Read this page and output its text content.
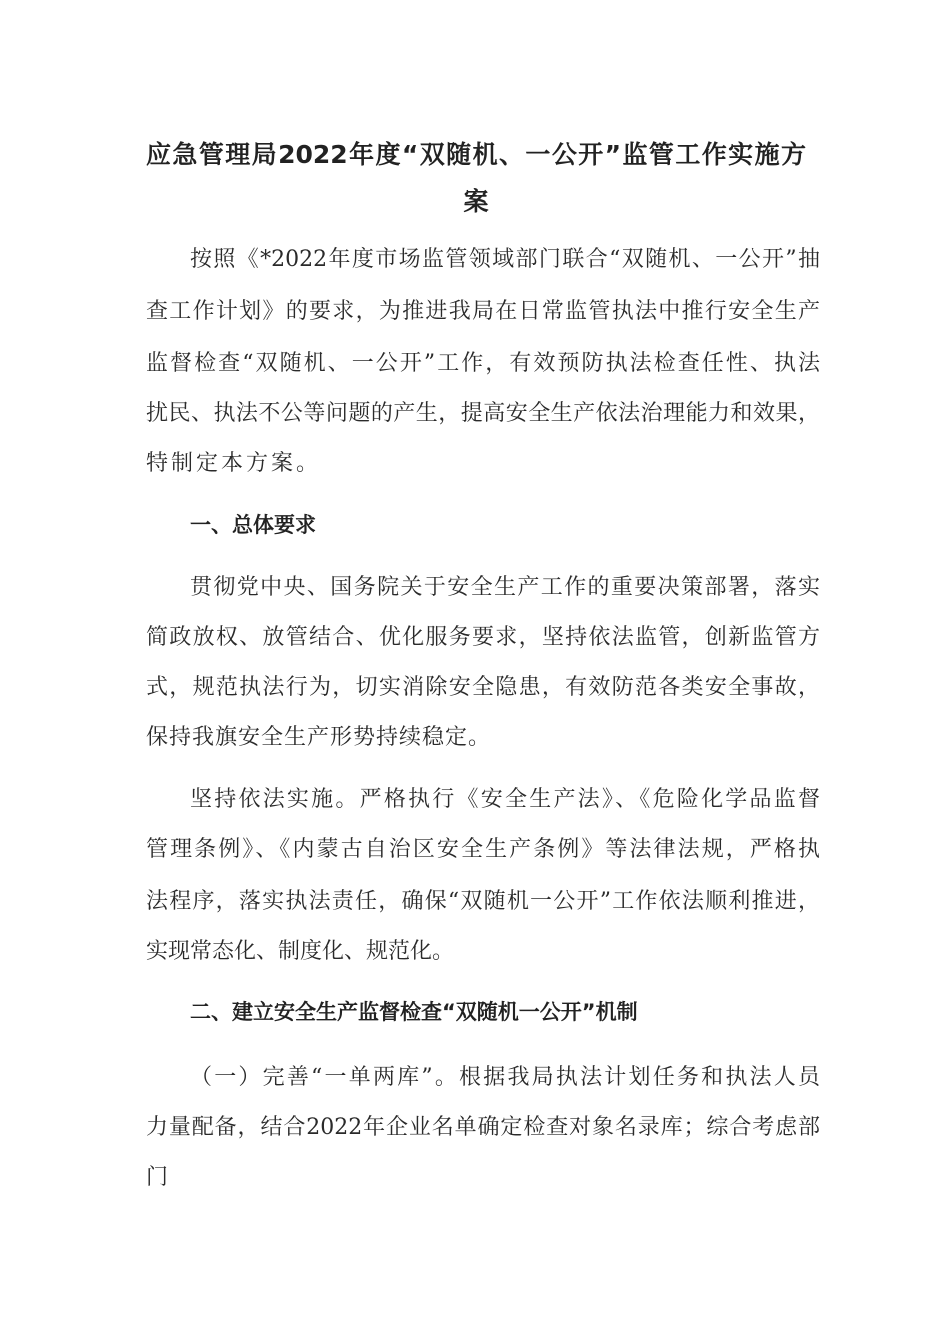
应急管理局2022年度“双随机、一公开”监管工作实施方
案
按照《*2022年度市场监管领域部门联合“双随机、一公开”抽
查工作计划》的要求，为推进我局在日常监管执法中推行安全生产
监督检查“双随机、一公开”工作，有效预防执法检查任性、执法
扰民、执法不公等问题的产生，提高安全生产依法治理能力和效果，
特制定本方案。
一、总体要求
贯彻党中央、国务院关于安全生产工作的重要决策部署，落实
简政放权、放管结合、优化服务要求，坚持依法监管，创新监管方
式，规范执法行为，切实消除安全隐患，有效防范各类安全事故，
保持我旗安全生产形势持续稳定。
坚持依法实施。严格执行《安全生产法》、《危险化学品监督
管理条例》、《内蒙古自治区安全生产条例》等法律法规，严格执
法程序，落实执法责任，确保“双随机一公开”工作依法顺利推进，
实现常态化、制度化、规范化。
二、建立安全生产监督检查“双随机一公开”机制
（一）完善“一单两库”。根据我局执法计划任务和执法人员
力量配备，结合2022年企业名单确定检查对象名录库；综合考虑部
门
